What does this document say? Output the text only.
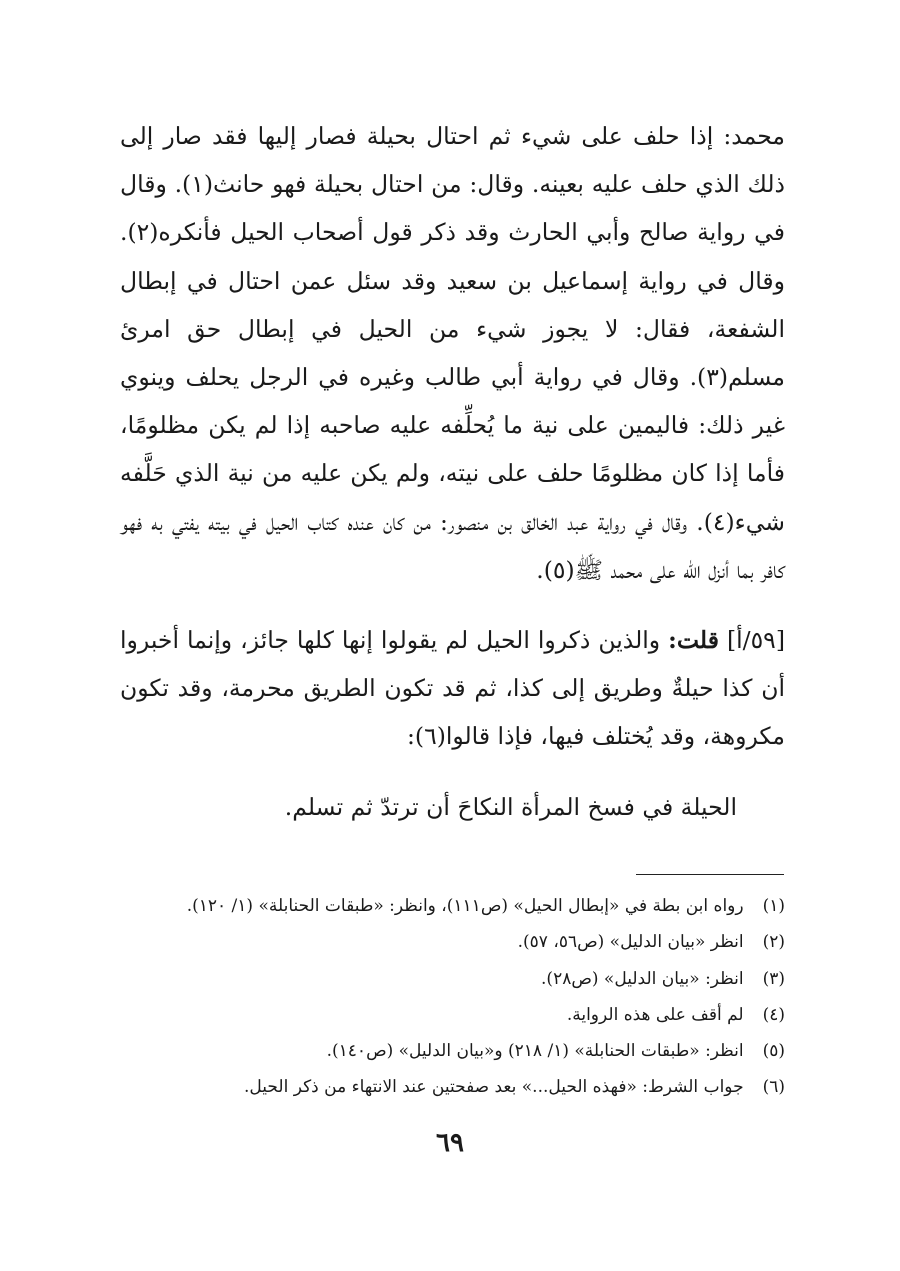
محمد: إذا حلف على شيء ثم احتال بحيلة فصار إليها فقد صار إلى ذلك الذي حلف عليه بعينه. وقال: من احتال بحيلة فهو حانث(١). وقال في رواية صالح وأبي الحارث وقد ذكر قول أصحاب الحيل فأنكره(٢). وقال في رواية إسماعيل بن سعيد وقد سئل عمن احتال في إبطال الشفعة، فقال: لا يجوز شيء من الحيل في إبطال حق امرئ مسلم(٣). وقال في رواية أبي طالب وغيره في الرجل يحلف وينوي غير ذلك: فاليمين على نية ما يُحلِّفه عليه صاحبه إذا لم يكن مظلومًا، فأما إذا كان مظلومًا حلف على نيته، ولم يكن عليه من نية الذي حَلَّفه شيء(٤). وقال في رواية عبد الخالق بن منصور: من كان عنده كتاب الحيل في بيته يفتي به فهو كافر بما أنزل الله على محمد ﷺ(٥).

[٥٩/أ] قلت: والذين ذكروا الحيل لم يقولوا إنها كلها جائز، وإنما أخبروا أن كذا حيلةٌ وطريق إلى كذا، ثم قد تكون الطريق محرمة، وقد تكون مكروهة، وقد يُختلف فيها، فإذا قالوا(٦):

الحيلة في فسخ المرأة النكاحَ أن ترتدّ ثم تسلم.

(١) رواه ابن بطة في «إبطال الحيل» (ص١١١)، وانظر: «طبقات الحنابلة» (١/ ١٢٠).
(٢) انظر «بيان الدليل» (ص٥٦، ٥٧).
(٣) انظر: «بيان الدليل» (ص٢٨).
(٤) لم أقف على هذه الرواية.
(٥) انظر: «طبقات الحنابلة» (١/ ٢١٨) و«بيان الدليل» (ص١٤٠).
(٦) جواب الشرط: «فهذه الحيل...» بعد صفحتين عند الانتهاء من ذكر الحيل.
٦٩
